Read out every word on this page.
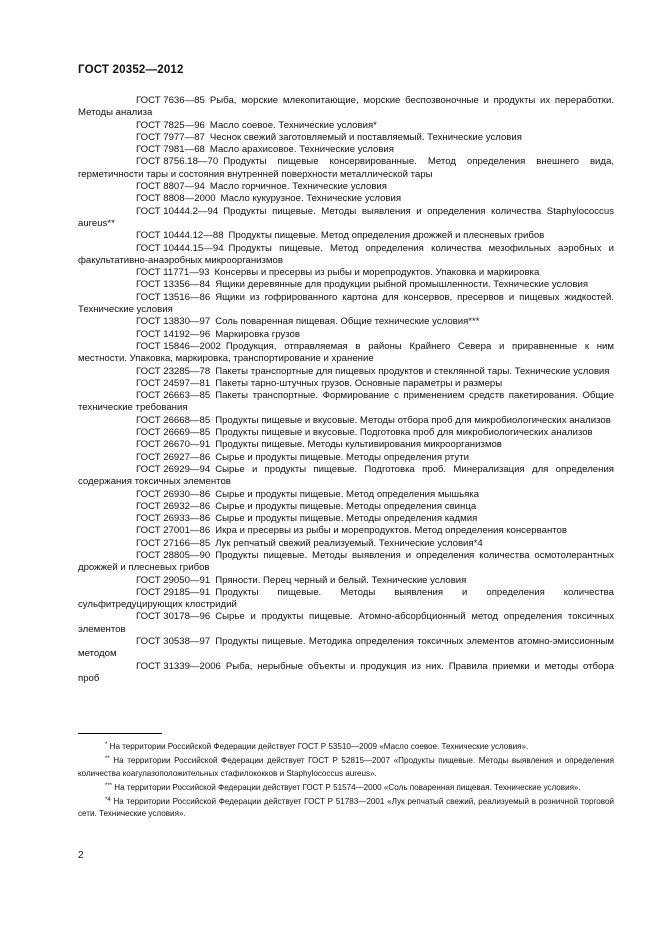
ГОСТ 20352—2012
ГОСТ 7636—85 Рыба, морские млекопитающие, морские беспозвоночные и продукты их переработки. Методы анализа
ГОСТ 7825—96 Масло соевое. Технические условия*
ГОСТ 7977—87 Чеснок свежий заготовляемый и поставляемый. Технические условия
ГОСТ 7981—68 Масло арахисовое. Технические условия
ГОСТ 8756.18—70 Продукты пищевые консервированные. Метод определения внешнего вида, герметичности тары и состояния внутренней поверхности металлической тары
ГОСТ 8807—94 Масло горчичное. Технические условия
ГОСТ 8808—2000 Масло кукурузное. Технические условия
ГОСТ 10444.2—94 Продукты пищевые. Методы выявления и определения количества Staphylococcus aureus**
ГОСТ 10444.12—88 Продукты пищевые. Метод определения дрожжей и плесневых грибов
ГОСТ 10444.15—94 Продукты пищевые. Метод определения количества мезофильных аэробных и факультативно-анаэробных микроорганизмов
ГОСТ 11771—93 Консервы и пресервы из рыбы и морепродуктов. Упаковка и маркировка
ГОСТ 13356—84 Ящики деревянные для продукции рыбной промышленности. Технические условия
ГОСТ 13516—86 Ящики из гофрированного картона для консервов, пресервов и пищевых жидкостей. Технические условия
ГОСТ 13830—97 Соль поваренная пищевая. Общие технические условия***
ГОСТ 14192—96 Маркировка грузов
ГОСТ 15846—2002 Продукция, отправляемая в районы Крайнего Севера и приравненные к ним местности. Упаковка, маркировка, транспортирование и хранение
ГОСТ 23285—78 Пакеты транспортные для пищевых продуктов и стеклянной тары. Технические условия
ГОСТ 24597—81 Пакеты тарно-штучных грузов. Основные параметры и размеры
ГОСТ 26663—85 Пакеты транспортные. Формирование с применением средств пакетирования. Общие технические требования
ГОСТ 26668—85 Продукты пищевые и вкусовые. Методы отбора проб для микробиологических анализов
ГОСТ 26669—85 Продукты пищевые и вкусовые. Подготовка проб для микробиологических анализов
ГОСТ 26670—91 Продукты пищевые. Методы культивирования микроорганизмов
ГОСТ 26927—86 Сырье и продукты пищевые. Методы определения ртути
ГОСТ 26929—94 Сырье и продукты пищевые. Подготовка проб. Минерализация для определения содержания токсичных элементов
ГОСТ 26930—86 Сырье и продукты пищевые. Метод определения мышьяка
ГОСТ 26932—86 Сырье и продукты пищевые. Методы определения свинца
ГОСТ 26933—86 Сырье и продукты пищевые. Методы определения кадмия
ГОСТ 27001—86 Икра и пресервы из рыбы и морепродуктов. Метод определения консервантов
ГОСТ 27166—85 Лук репчатый свежий реализуемый. Технические условия*4
ГОСТ 28805—90 Продукты пищевые. Методы выявления и определения количества осмотолерантных дрожжей и плесневых грибов
ГОСТ 29050—91 Пряности. Перец черный и белый. Технические условия
ГОСТ 29185—91 Продукты пищевые. Методы выявления и определения количества сульфитредуцирующих клостридий
ГОСТ 30178—96 Сырье и продукты пищевые. Атомно-абсорбционный метод определения токсичных элементов
ГОСТ 30538—97 Продукты пищевые. Методика определения токсичных элементов атомно-эмиссионным методом
ГОСТ 31339—2006 Рыба, нерыбные объекты и продукция из них. Правила приемки и методы отбора проб
* На территории Российской Федерации действует ГОСТ Р 53510—2009 «Масло соевое. Технические условия».
** На территории Российской Федерации действует ГОСТ Р 52815—2007 «Продукты пищевые. Методы выявления и определения количества коагулазоположительных стафилококков и Staphylococcus aureus».
*** На территории Российской Федерации действует ГОСТ Р 51574—2000 «Соль поваренная пищевая. Технические условия».
$^{*4}$ На территории Российской Федерации действует ГОСТ Р 51783—2001 «Лук репчатый свежий, реализуемый в розничной торговой сети. Технические условия».
2
